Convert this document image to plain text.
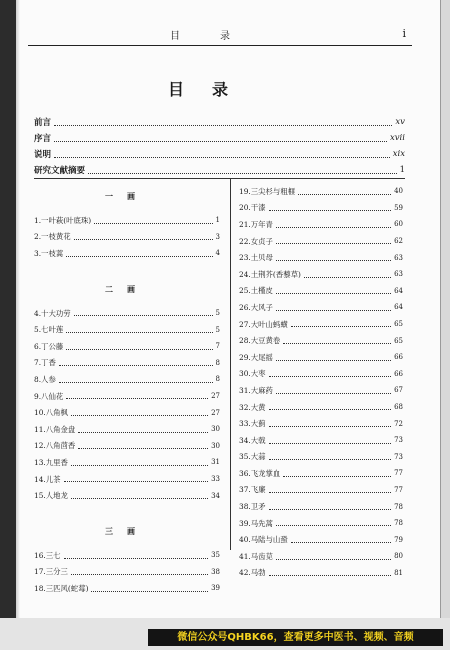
目录	i
目录
前言	xv
序言	xvii
说明	xix
研究文献摘要	1
一画
1.一叶萩(叶底珠)	1
2.一枝黄花	3
3.一枝蒿	4
二画
4.十大功劳	5
5.七叶莲	5
6.丁公藤	7
7.丁香	8
8.人参	8
9.八仙花	27
10.八角枫	27
11.八角金盘	30
12.八角茴香	30
13.九里香	31
14.儿茶	33
15.人地龙	34
三画
16.三七	35
17.三分三	38
18.三匹风(蛇莓)	39
19.三尖杉与粗榧	40
20.干漆	59
21.万年青	60
22.女贞子	62
23.土贝母	63
24.土荆芥(香藜草)	63
25.土槿皮	64
26.大风子	64
27.大叶山蚂蟥	65
28.大豆黄卷	65
29.大尾摇	66
30.大枣	66
31.大麻药	67
32.大黄	68
33.大蓟	72
34.大戟	73
35.大蒜	73
36.飞龙掌血	77
37.飞廉	77
38.卫矛	78
39.马先蒿	78
40.马陆与山蛩	79
41.马齿苋	80
42.马勃	81
微信公众号QHBK66，查看更多中医书、视频、音频
